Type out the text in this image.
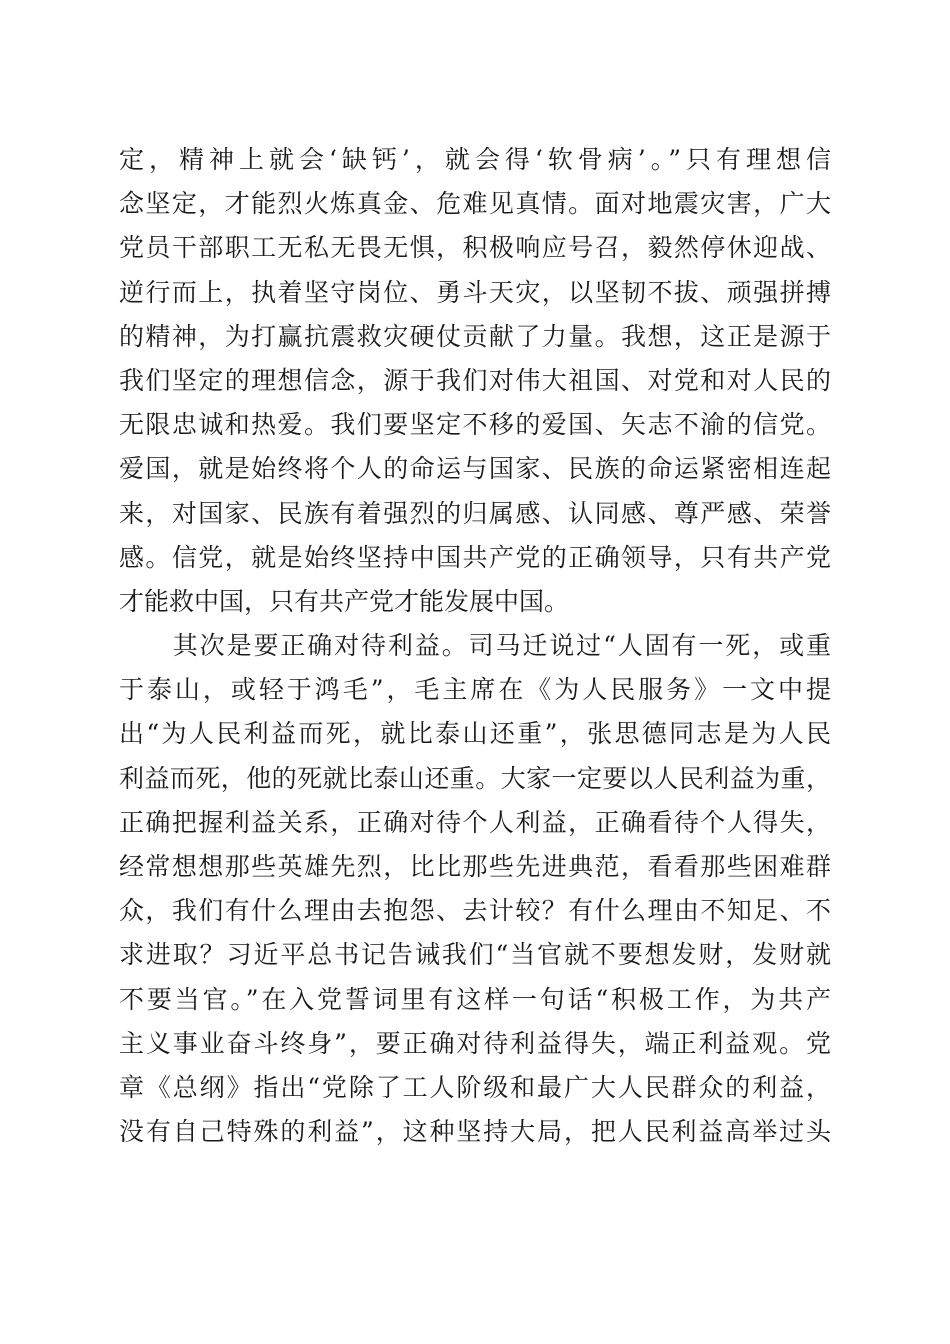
定，精神上就会‘缺钙’，就会得‘软骨病’。”只有理想信
念坚定，才能烈火炼真金、危难见真情。面对地震灾害，广大
党员干部职工无私无畏无惧，积极响应号召，毅然停休迎战、
逆行而上，执着坚守岗位、勇斗天灾，以坚韧不拔、顽强拼搏
的精神，为打赢抗震救灾硬仗贡献了力量。我想，这正是源于
我们坚定的理想信念，源于我们对伟大祖国、对党和对人民的
无限忠诚和热爱。我们要坚定不移的爱国、矢志不渝的信党。
爱国，就是始终将个人的命运与国家、民族的命运紧密相连起
来，对国家、民族有着强烈的归属感、认同感、尊严感、荣誉
感。信党，就是始终坚持中国共产党的正确领导，只有共产党
才能救中国，只有共产党才能发展中国。
　　其次是要正确对待利益。司马迁说过“人固有一死，或重
于泰山，或轻于鸿毛”，毛主席在《为人民服务》一文中提
出“为人民利益而死，就比泰山还重”，张思德同志是为人民
利益而死，他的死就比泰山还重。大家一定要以人民利益为重，
正确把握利益关系，正确对待个人利益，正确看待个人得失，
经常想想那些英雄先烈，比比那些先进典范，看看那些困难群
众，我们有什么理由去抱怨、去计较？有什么理由不知足、不
求进取？习近平总书记告诫我们“当官就不要想发财，发财就
不要当官。”在入党誓词里有这样一句话“积极工作，为共产
主义事业奋斗终身”，要正确对待利益得失，端正利益观。党
章《总纲》指出“党除了工人阶级和最广大人民群众的利益，
没有自己特殊的利益”，这种坚持大局，把人民利益高举过头
